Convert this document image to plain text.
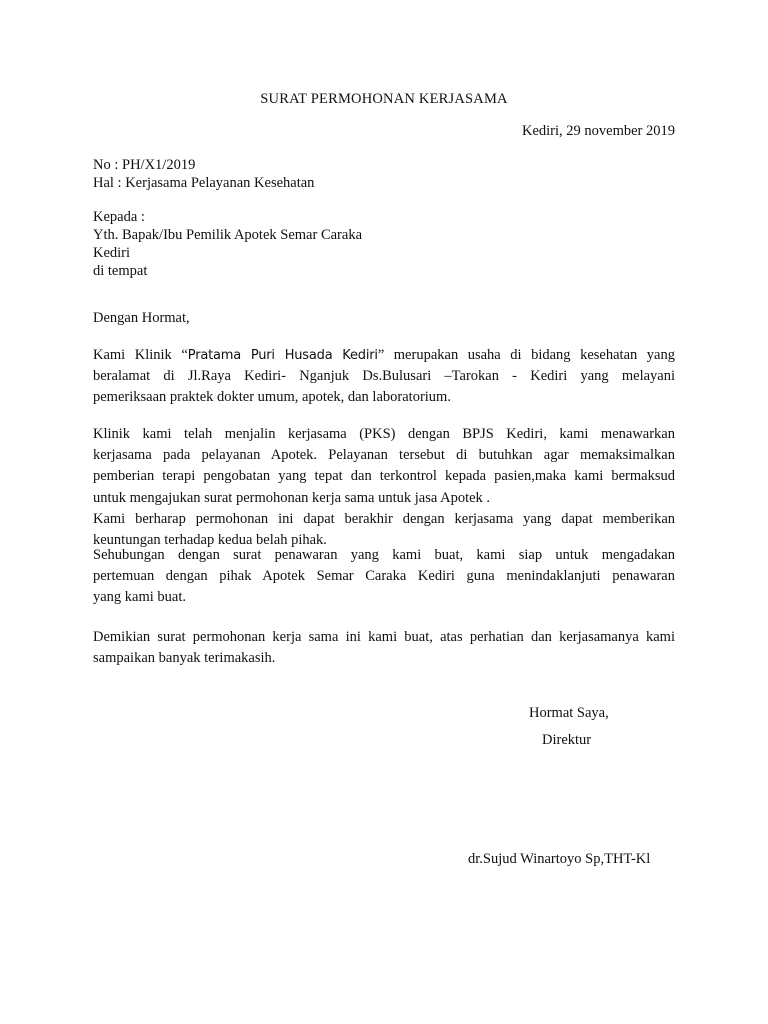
SURAT PERMOHONAN KERJASAMA
Kediri, 29 november 2019
No : PH/X1/2019
Hal : Kerjasama Pelayanan Kesehatan
Kepada :
Yth. Bapak/Ibu Pemilik Apotek Semar Caraka
Kediri
di tempat
Dengan Hormat,
Kami Klinik “Pratama Puri Husada Kediri” merupakan usaha di bidang kesehatan yang
beralamat di Jl.Raya Kediri- Nganjuk Ds.Bulusari –Tarokan - Kediri yang melayani
pemeriksaan praktek dokter umum, apotek, dan laboratorium.
Klinik kami telah menjalin kerjasama (PKS) dengan BPJS Kediri, kami menawarkan
kerjasama pada pelayanan Apotek. Pelayanan tersebut di butuhkan agar memaksimalkan
pemberian terapi pengobatan yang tepat dan terkontrol kepada pasien,maka kami bermaksud
untuk mengajukan surat permohonan kerja sama untuk jasa Apotek .
Kami berharap permohonan ini dapat berakhir dengan kerjasama yang dapat memberikan
keuntungan terhadap kedua belah pihak.
Sehubungan dengan surat penawaran yang kami buat, kami siap untuk mengadakan
pertemuan dengan pihak Apotek Semar Caraka Kediri guna menindaklanjuti penawaran
yang kami buat.
Demikian surat permohonan kerja sama ini kami buat, atas perhatian dan kerjasamanya kami
sampaikan banyak terimakasih.
Hormat Saya,
Direktur
dr.Sujud Winartoyo Sp,THT-Kl
